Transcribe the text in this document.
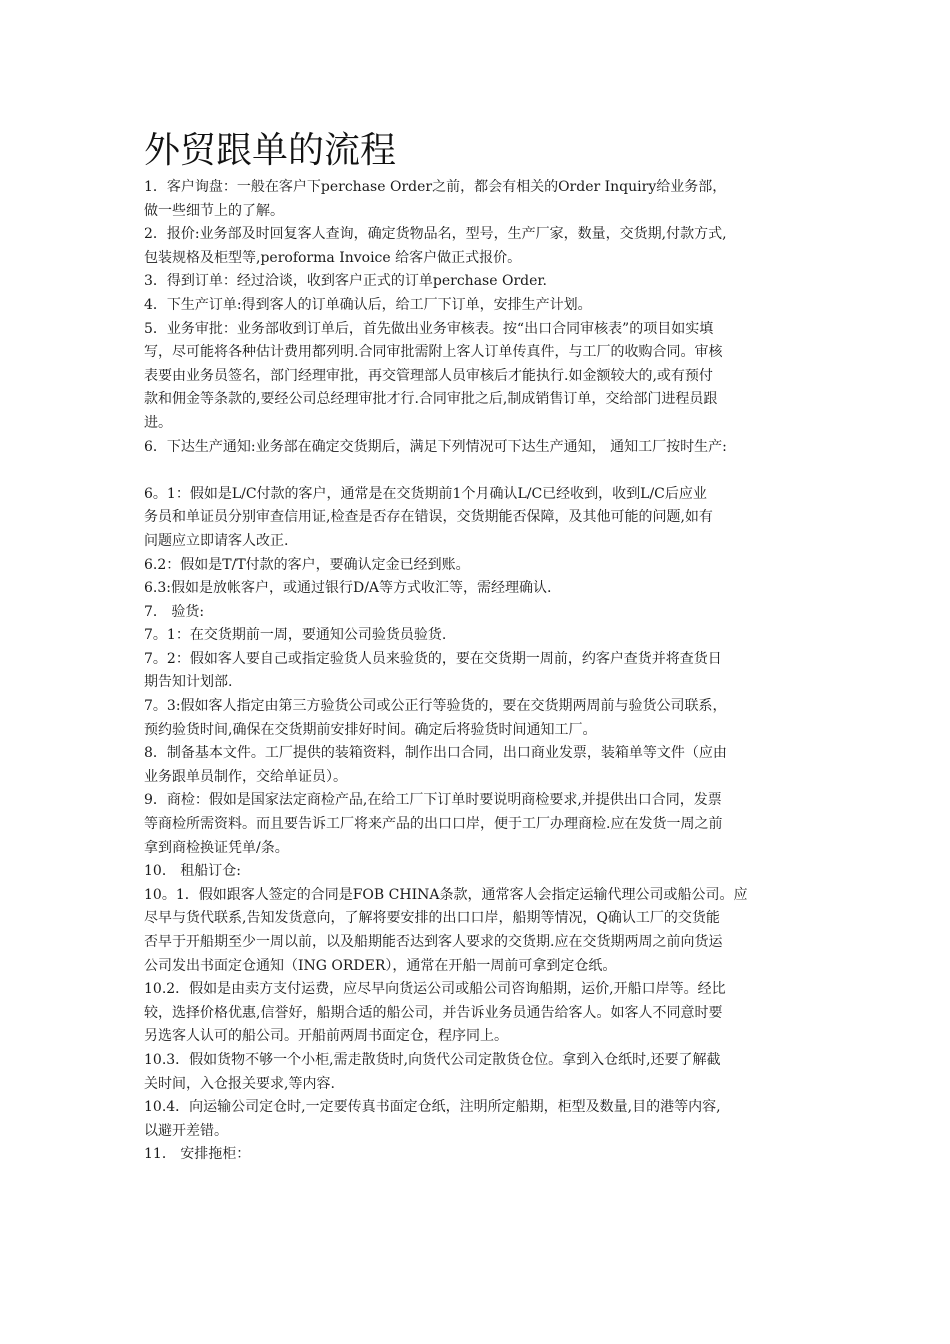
外贸跟单的流程
1．客户询盘：一般在客户下perchase Order之前，都会有相关的Order Inquiry给业务部，
做一些细节上的了解。
2．报价:业务部及时回复客人查询，确定货物品名，型号，生产厂家，数量，交货期,付款方式,
包装规格及柜型等,peroforma Invoice 给客户做正式报价。
3．得到订单：经过洽谈，收到客户正式的订单perchase Order.
4．下生产订单:得到客人的订单确认后，给工厂下订单，安排生产计划。
5．业务审批：业务部收到订单后，首先做出业务审核表。按“出口合同审核表”的项目如实填
写，尽可能将各种估计费用都列明.合同审批需附上客人订单传真件，与工厂的收购合同。审核
表要由业务员签名，部门经理审批，再交管理部人员审核后才能执行.如金额较大的,或有预付
款和佣金等条款的,要经公司总经理审批才行.合同审批之后,制成销售订单，交给部门进程员跟
进。
6．下达生产通知:业务部在确定交货期后，满足下列情况可下达生产通知， 通知工厂按时生产:
6。1：假如是L/C付款的客户，通常是在交货期前1个月确认L/C已经收到，收到L/C后应业
务员和单证员分别审查信用证,检查是否存在错误，交货期能否保障，及其他可能的问题,如有
问题应立即请客人改正.
6.2：假如是T/T付款的客户，要确认定金已经到账。
6.3:假如是放帐客户，或通过银行D/A等方式收汇等，需经理确认.
7． 验货:
7。1：在交货期前一周，要通知公司验货员验货.
7。2：假如客人要自己或指定验货人员来验货的，要在交货期一周前，约客户查货并将查货日
期告知计划部.
7。3:假如客人指定由第三方验货公司或公正行等验货的，要在交货期两周前与验货公司联系，
预约验货时间,确保在交货期前安排好时间。确定后将验货时间通知工厂。
8．制备基本文件。工厂提供的装箱资料，制作出口合同，出口商业发票，装箱单等文件（应由
业务跟单员制作，交给单证员）。
9．商检：假如是国家法定商检产品,在给工厂下订单时要说明商检要求,并提供出口合同，发票
等商检所需资料。而且要告诉工厂将来产品的出口口岸，便于工厂办理商检.应在发货一周之前
拿到商检换证凭单/条。
10． 租船订仓:
10。1．假如跟客人签定的合同是FOB CHINA条款，通常客人会指定运输代理公司或船公司。应
尽早与货代联系,告知发货意向，了解将要安排的出口口岸，船期等情况，Q确认工厂的交货能
否早于开船期至少一周以前，以及船期能否达到客人要求的交货期.应在交货期两周之前向货运
公司发出书面定仓通知（ING ORDER），通常在开船一周前可拿到定仓纸。
10.2．假如是由卖方支付运费，应尽早向货运公司或船公司咨询船期，运价,开船口岸等。经比
较，选择价格优惠,信誉好，船期合适的船公司，并告诉业务员通告给客人。如客人不同意时要
另选客人认可的船公司。开船前两周书面定仓，程序同上。
10.3．假如货物不够一个小柜,需走散货时,向货代公司定散货仓位。拿到入仓纸时,还要了解截
关时间，入仓报关要求,等内容.
10.4．向运输公司定仓时,一定要传真书面定仓纸，注明所定船期，柜型及数量,目的港等内容,
以避开差错。
11． 安排拖柜：
